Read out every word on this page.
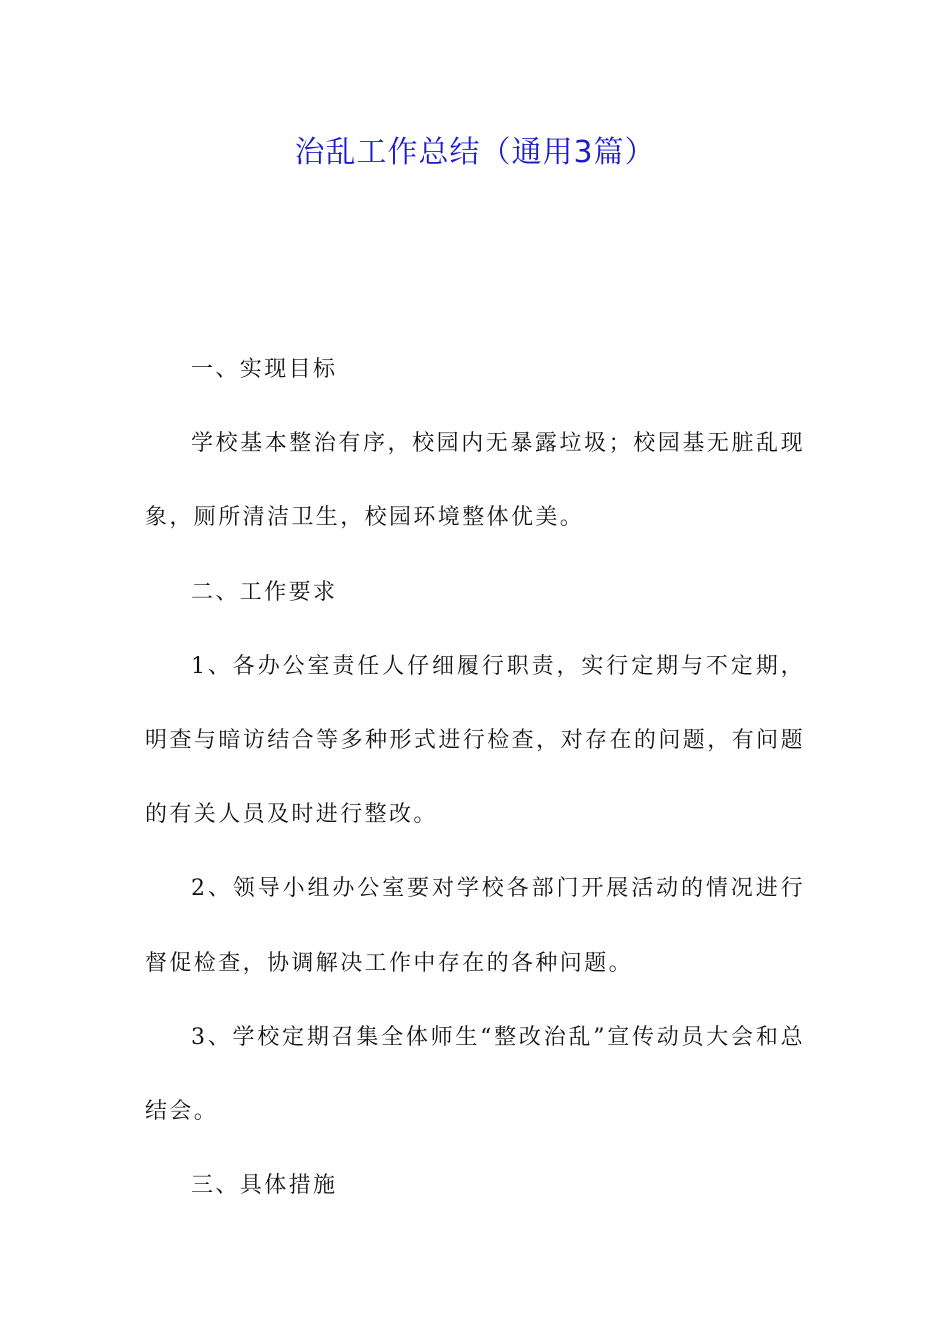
治乱工作总结（通用3篇）

一、实现目标

学校基本整治有序，校园内无暴露垃圾；校园基无脏乱现象，厕所清洁卫生，校园环境整体优美。

二、工作要求

1、各办公室责任人仔细履行职责，实行定期与不定期，明查与暗访结合等多种形式进行检查，对存在的问题，有问题的有关人员及时进行整改。

2、领导小组办公室要对学校各部门开展活动的情况进行督促检查，协调解决工作中存在的各种问题。

3、学校定期召集全体师生“整改治乱”宣传动员大会和总结会。

三、具体措施
